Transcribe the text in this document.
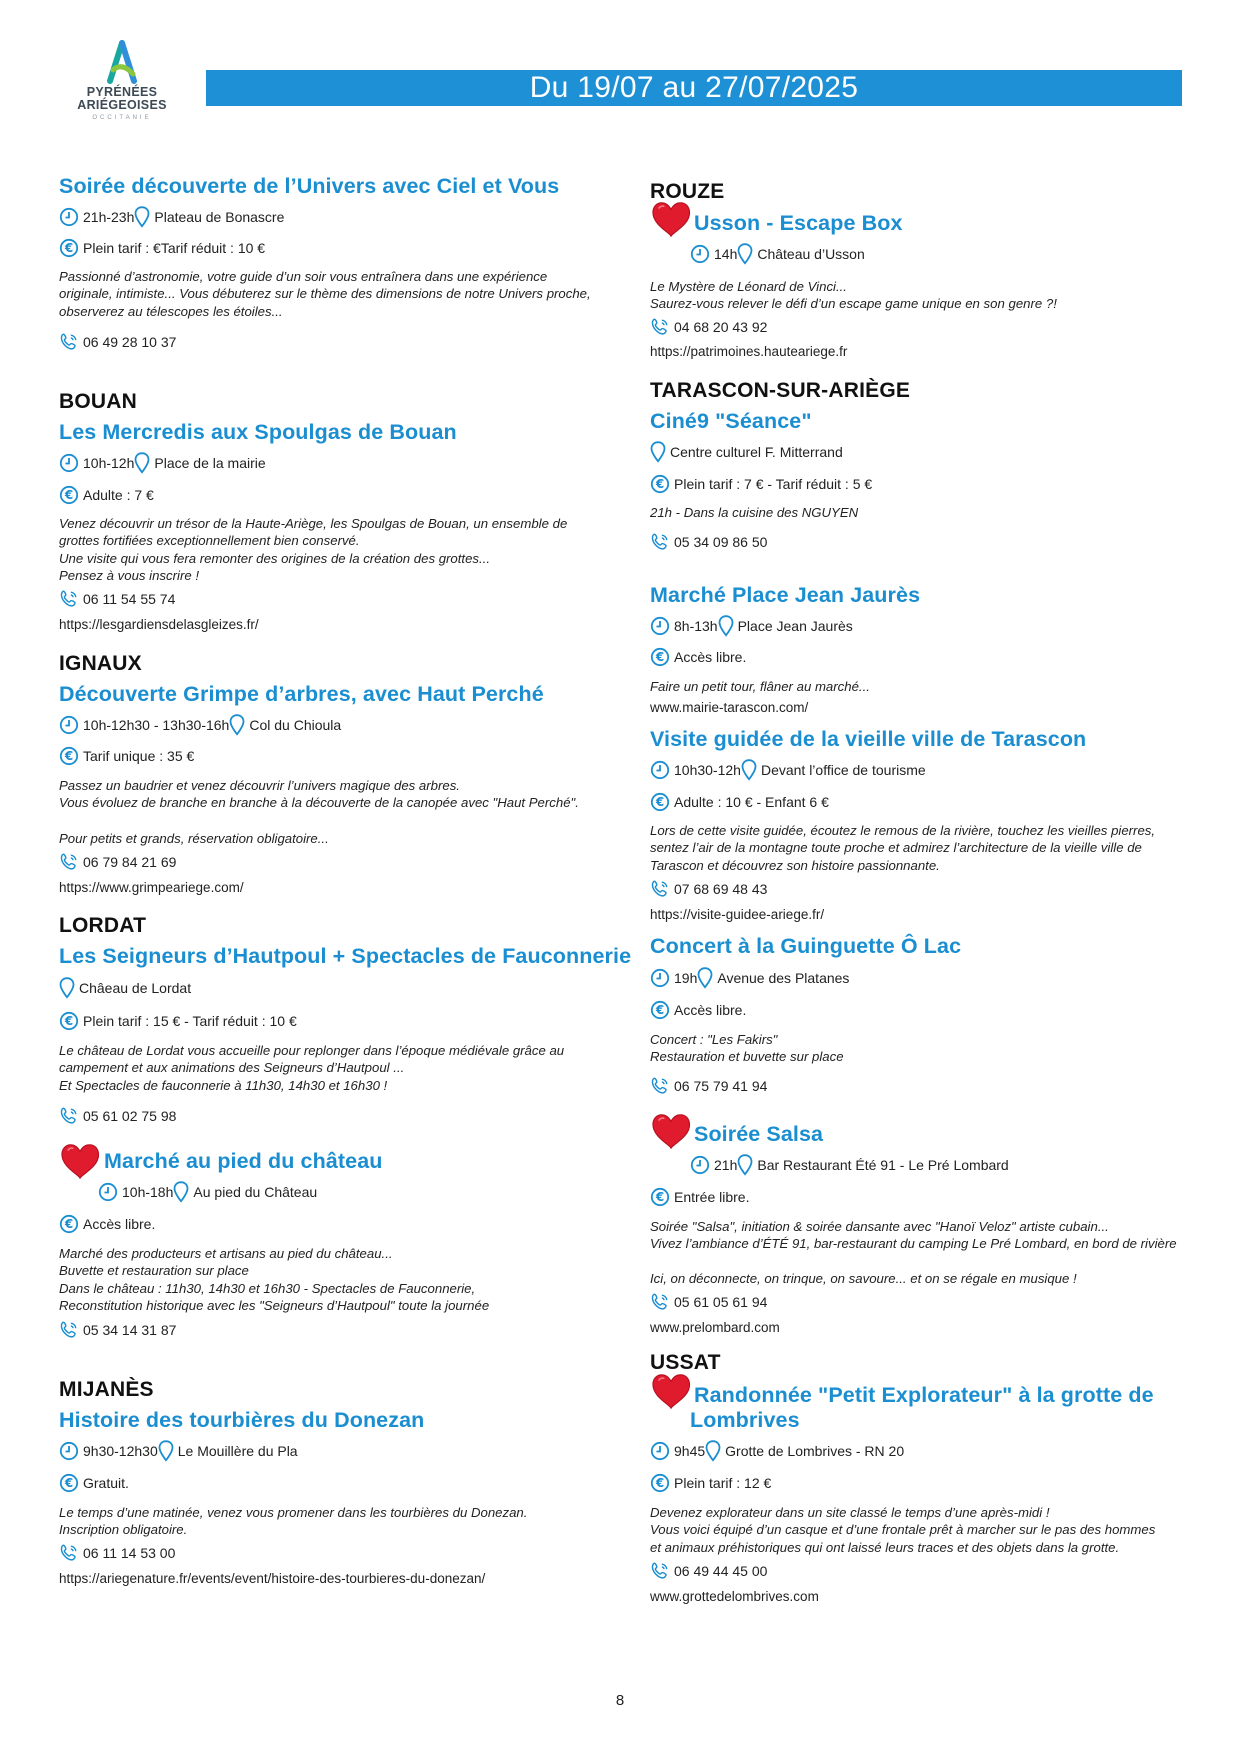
PYRÉNÉES
ARIÉGEOISES
OCCITANIE
Du 19/07 au 27/07/2025
Soirée découverte de l’Univers avec Ciel et Vous
21h-23h Plateau de Bonascre
Plein tarif : €Tarif réduit : 10 €
Passionné d’astronomie, votre guide d’un soir vous entraînera dans une expérience
originale, intimiste... Vous débuterez sur le thème des dimensions de notre Univers proche,
observerez au télescopes les étoiles...
06 49 28 10 37
BOUAN
Les Mercredis aux Spoulgas de Bouan
10h-12h Place de la mairie
Adulte : 7 €
Venez découvrir un trésor de la Haute-Ariège, les Spoulgas de Bouan, un ensemble de
grottes fortifiées exceptionnellement bien conservé.
Une visite qui vous fera remonter des origines de la création des grottes...
Pensez à vous inscrire !
06 11 54 55 74
https://lesgardiensdelasgleizes.fr/
IGNAUX
Découverte Grimpe d’arbres, avec Haut Perché
10h-12h30 - 13h30-16h Col du Chioula
Tarif unique : 35 €
Passez un baudrier et venez découvrir l’univers magique des arbres.
Vous évoluez de branche en branche à la découverte de la canopée avec "Haut Perché".
Pour petits et grands, réservation obligatoire...
06 79 84 21 69
https://www.grimpeariege.com/
LORDAT
Les Seigneurs d’Hautpoul + Spectacles de Fauconnerie
Châeau de Lordat
Plein tarif : 15 € - Tarif réduit : 10 €
Le château de Lordat vous accueille pour replonger dans l’époque médiévale grâce au
campement et aux animations des Seigneurs d’Hautpoul ...
Et Spectacles de fauconnerie à 11h30, 14h30 et 16h30 !
05 61 02 75 98
Marché au pied du château
10h-18h Au pied du Château
Accès libre.
Marché des producteurs et artisans au pied du château...
Buvette et restauration sur place
Dans le château : 11h30, 14h30 et 16h30 - Spectacles de Fauconnerie,
Reconstitution historique avec les "Seigneurs d’Hautpoul" toute la journée
05 34 14 31 87
MIJANÈS
Histoire des tourbières du Donezan
9h30-12h30 Le Mouillère du Pla
Gratuit.
Le temps d’une matinée, venez vous promener dans les tourbières du Donezan.
Inscription obligatoire.
06 11 14 53 00
https://ariegenature.fr/events/event/histoire-des-tourbieres-du-donezan/
ROUZE
Usson - Escape Box
14h Château d’Usson
Le Mystère de Léonard de Vinci...
Saurez-vous relever le défi d’un escape game unique en son genre ?!
04 68 20 43 92
https://patrimoines.hauteariege.fr
TARASCON-SUR-ARIÈGE
Ciné9 "Séance"
Centre culturel F. Mitterrand
Plein tarif : 7 € - Tarif réduit : 5 €
21h - Dans la cuisine des NGUYEN
05 34 09 86 50
Marché Place Jean Jaurès
8h-13h Place Jean Jaurès
Accès libre.
Faire un petit tour, flâner au marché...
www.mairie-tarascon.com/
Visite guidée de la vieille ville de Tarascon
10h30-12h Devant l’office de tourisme
Adulte : 10 € - Enfant 6 €
Lors de cette visite guidée, écoutez le remous de la rivière, touchez les vieilles pierres,
sentez l’air de la montagne toute proche et admirez l’architecture de la vieille ville de
Tarascon et découvrez son histoire passionnante.
07 68 69 48 43
https://visite-guidee-ariege.fr/
Concert à la Guinguette Ô Lac
19h Avenue des Platanes
Accès libre.
Concert : "Les Fakirs"
Restauration et buvette sur place
06 75 79 41 94
Soirée Salsa
21h Bar Restaurant Été 91 - Le Pré Lombard
Entrée libre.
Soirée "Salsa", initiation & soirée dansante avec "Hanoï Veloz" artiste cubain...
Vivez l’ambiance d’ÉTÉ 91, bar-restaurant du camping Le Pré Lombard, en bord de rivière
Ici, on déconnecte, on trinque, on savoure... et on se régale en musique !
05 61 05 61 94
www.prelombard.com
USSAT
Randonnée "Petit Explorateur" à la grotte de Lombrives
9h45 Grotte de Lombrives - RN 20
Plein tarif : 12 €
Devenez explorateur dans un site classé le temps d’une après-midi !
Vous voici équipé d’un casque et d’une frontale prêt à marcher sur le pas des hommes
et animaux préhistoriques qui ont laissé leurs traces et des objets dans la grotte.
06 49 44 45 00
www.grottedelombrives.com
8
